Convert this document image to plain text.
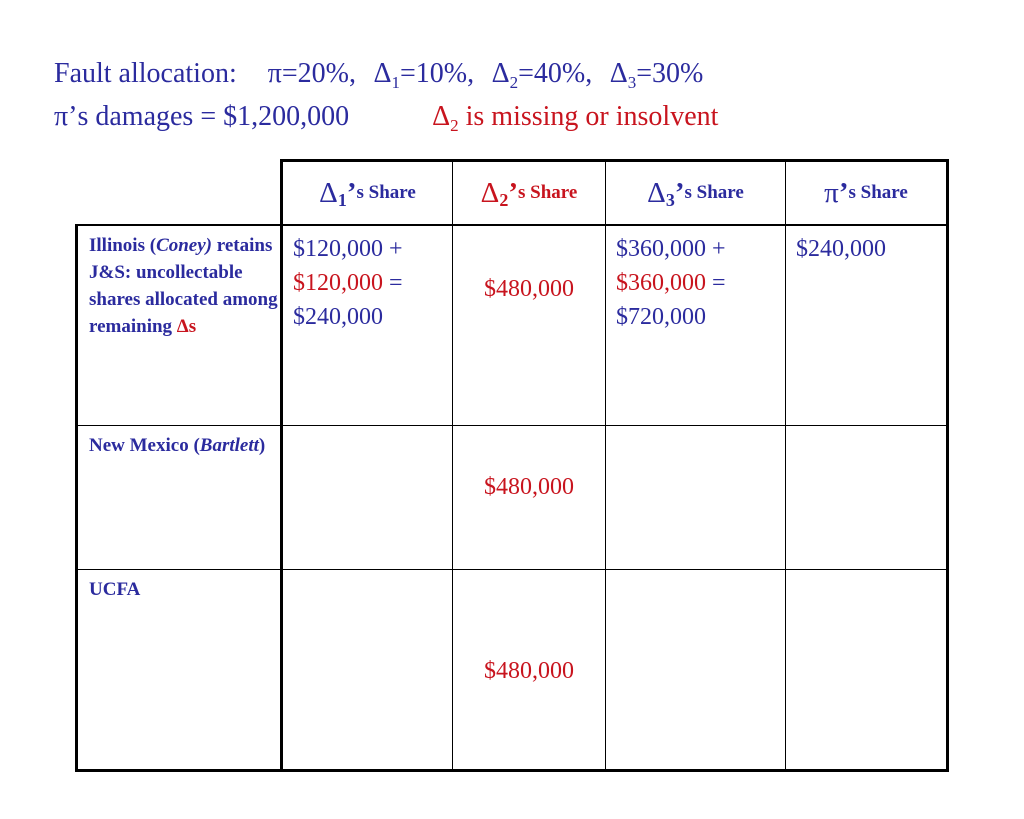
Fault allocation: π=20%, $\Delta_1=10\%$, $\Delta_2=40\%$, $\Delta_3=30\%$
π’s damages = $1,200,000	$\Delta_2$ is missing or insolvent
Δ 1 ’ s Share Δ 2 ’ s Share Δ 3 ’ s Share	π ’ s Share
Illinois (Coney) retains J&S: uncollectable shares allocated among remaining Δs
$120,000 +
$120,000 =
$240,000
$480,000
$360,000 +
$360,000 =
$720,000
$240,000
New Mexico (Bartlett)
$480,000
UCFA
$480,000
